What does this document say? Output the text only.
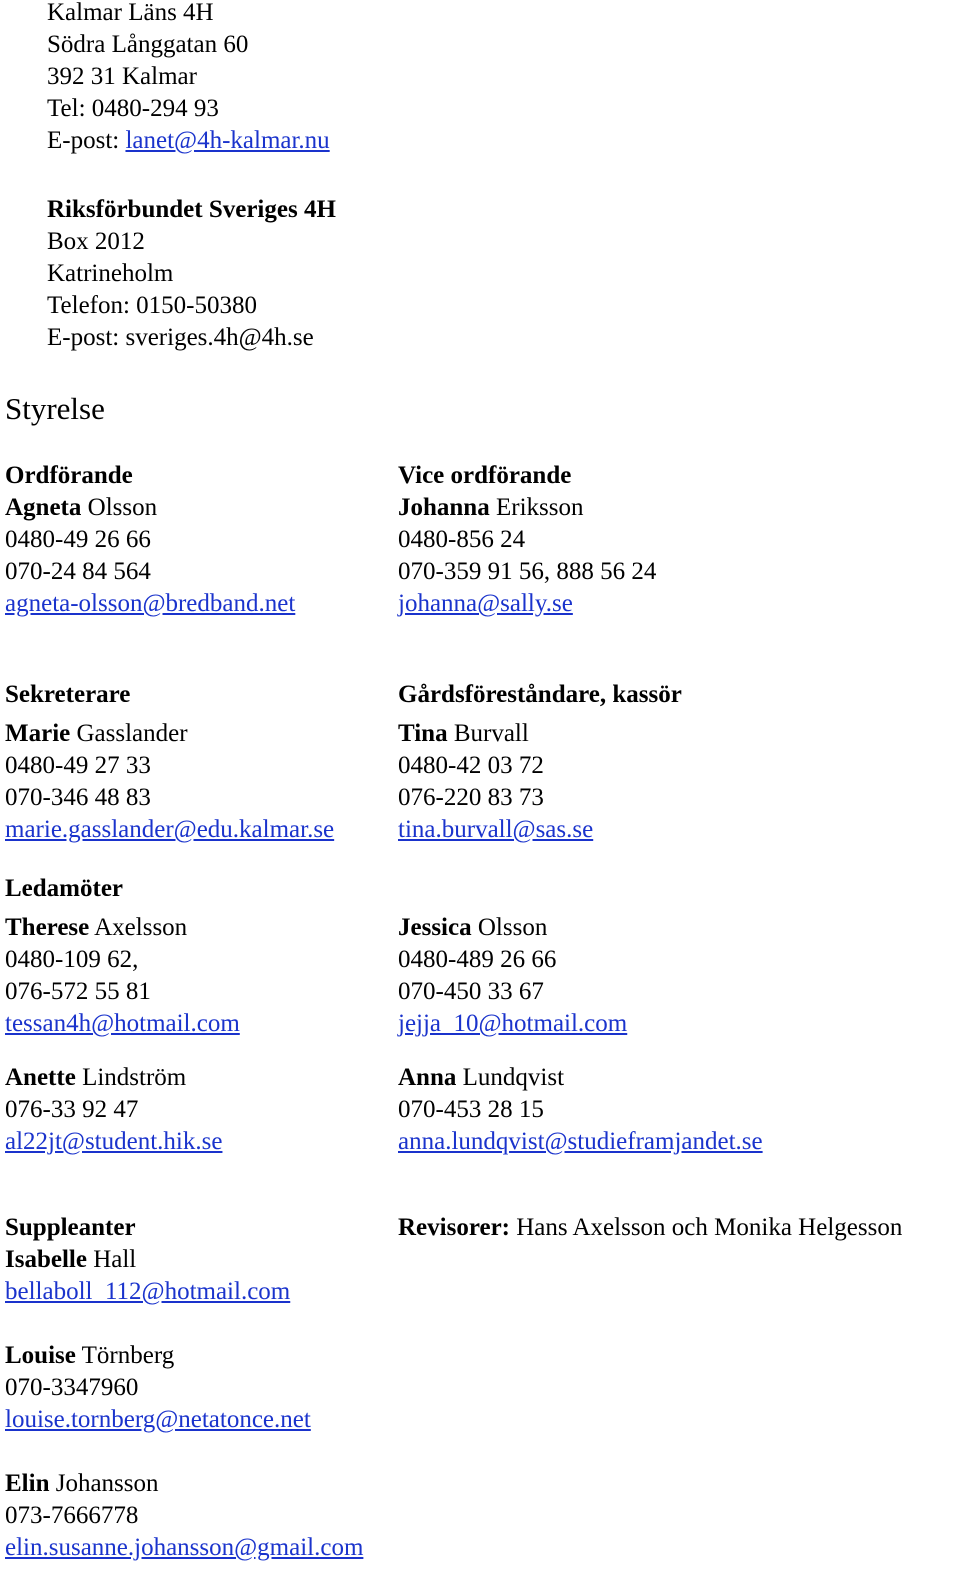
Kalmar Läns 4H
Södra Långgatan 60
392 31 Kalmar
Tel: 0480-294 93
E-post: lanet@4h-kalmar.nu
Riksförbundet Sveriges 4H
Box 2012
Katrineholm
Telefon: 0150-50380
E-post: sveriges.4h@4h.se
Styrelse
Ordförande
Agneta Olsson
0480-49 26 66
070-24 84 564
agneta-olsson@bredband.net
Vice ordförande
Johanna Eriksson
0480-856 24
070-359 91 56, 888 56 24
johanna@sally.se
Sekreterare
Marie Gasslander
0480-49 27 33
070-346 48 83
marie.gasslander@edu.kalmar.se
Gårdsföreståndare, kassör
Tina Burvall
0480-42 03 72
076-220 83 73
tina.burvall@sas.se
Ledamöter
Therese Axelsson
0480-109 62,
076-572 55 81
tessan4h@hotmail.com
Jessica Olsson
0480-489 26 66
070-450 33 67
jejja_10@hotmail.com
Anette Lindström
076-33 92 47
al22jt@student.hik.se
Anna Lundqvist
070-453 28 15
anna.lundqvist@studieframjandet.se
Suppleanter
Isabelle Hall
bellaboll_112@hotmail.com
Louise Törnberg
070-3347960
louise.tornberg@netatonce.net
Elin Johansson
073-7666778
elin.susanne.johansson@gmail.com
Revisorer: Hans Axelsson och Monika Helgesson
